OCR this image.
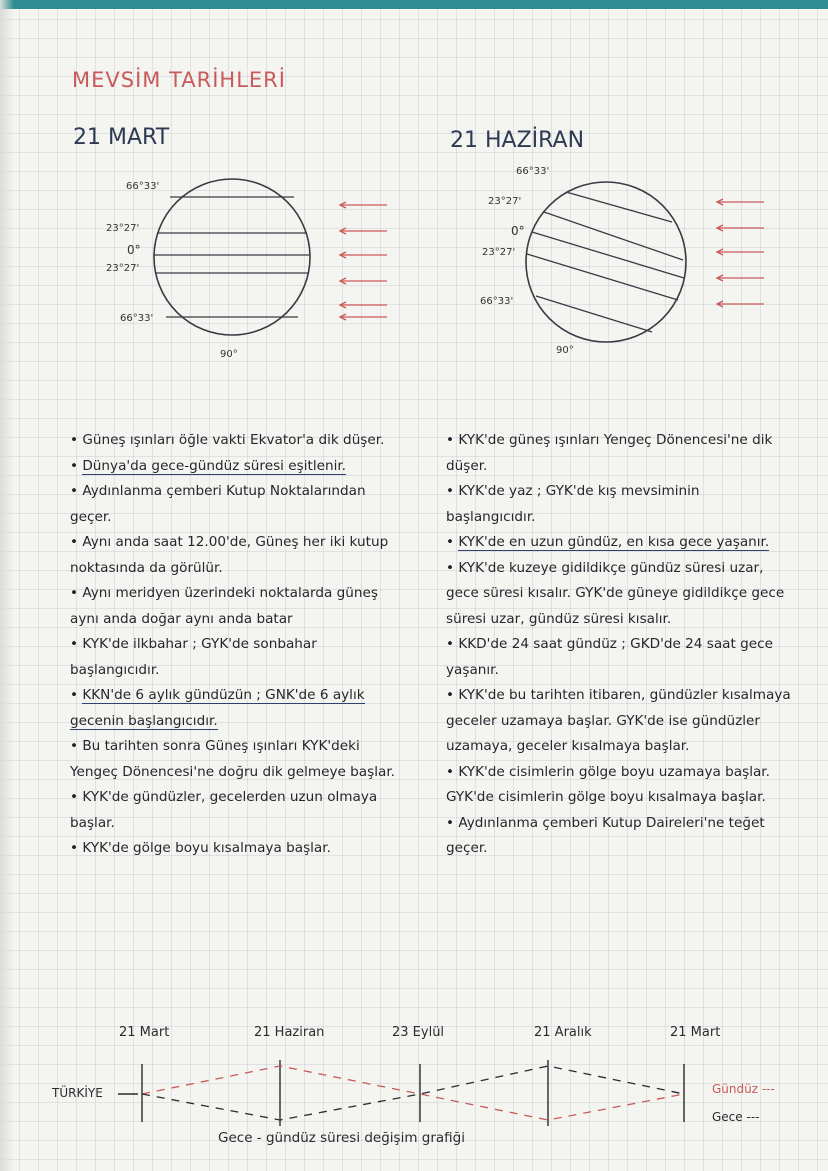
MEVSİM TARİHLERİ
21 MART
66°33'
23°27'
0°
23°27'
66°33'
90°
21 HAZİRAN
66°33'
23°27'
0°
23°27'
66°33'
90°

• Güneş ışınları öğle vakti Ekvator'a dik düşer.

• Dünya'da gece-gündüz süresi eşitlenir.

• Aydınlanma çemberi Kutup Noktalarından geçer.

• Aynı anda saat 12.00'de, Güneş her iki kutup noktasında da görülür.

• Aynı meridyen üzerindeki noktalarda güneş aynı anda doğar aynı anda batar

• KYK'de ilkbahar ; GYK'de sonbahar başlangıcıdır.

• KKN'de 6 aylık gündüzün ; GNK'de 6 aylık gecenin başlangıcıdır.

• Bu tarihten sonra Güneş ışınları KYK'deki Yengeç Dönencesi'ne doğru dik gelmeye başlar.

• KYK'de gündüzler, gecelerden uzun olmaya başlar.

• KYK'de gölge boyu kısalmaya başlar.

• KYK'de güneş ışınları Yengeç Dönencesi'ne dik düşer.

• KYK'de yaz ; GYK'de kış mevsiminin başlangıcıdır.

• KYK'de en uzun gündüz, en kısa gece yaşanır.

• KYK'de kuzeye gidildikçe gündüz süresi uzar, gece süresi kısalır. GYK'de güneye gidildikçe gece süresi uzar, gündüz süresi kısalır.

• KKD'de 24 saat gündüz ; GKD'de 24 saat gece yaşanır.

• KYK'de bu tarihten itibaren, gündüzler kısalmaya geceler uzamaya başlar. GYK'de ise gündüzler uzamaya, geceler kısalmaya başlar.

• KYK'de cisimlerin gölge boyu uzamaya başlar. GYK'de cisimlerin gölge boyu kısalmaya başlar.

• Aydınlanma çemberi Kutup Daireleri'ne teğet geçer.

21 Mart	21 Haziran	23 Eylül	21 Aralık	21 Mart
TÜRKİYE	Gündüz ---
Gece ---
Gece - gündüz süresi değişim grafiği
